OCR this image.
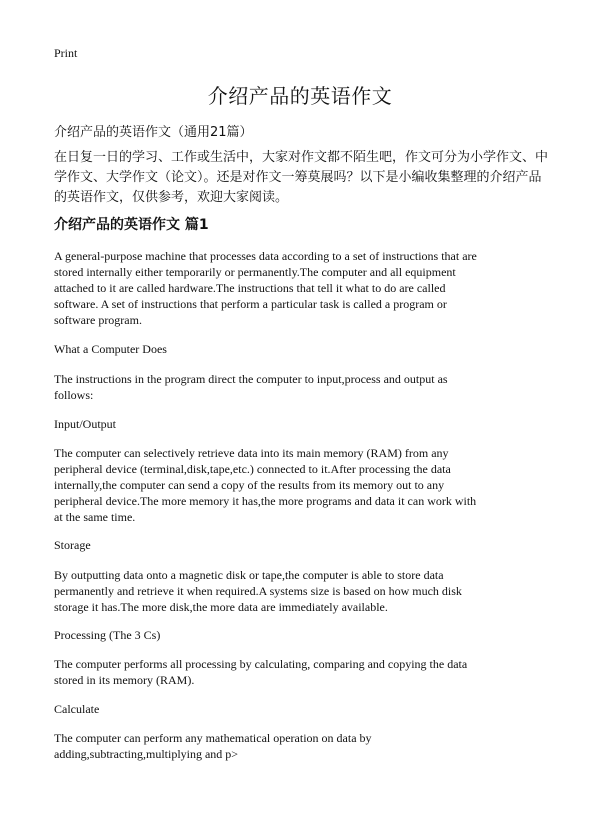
Print
介绍产品的英语作文
介绍产品的英语作文（通用21篇）
在日复一日的学习、工作或生活中，大家对作文都不陌生吧，作文可分为小学作文、中学作文、大学作文（论文）。还是对作文一筹莫展吗？以下是小编收集整理的介绍产品的英语作文，仅供参考，欢迎大家阅读。
介绍产品的英语作文 篇1
A general-purpose machine that processes data according to a set of instructions that are
stored internally either temporarily or permanently.The computer and all equipment
attached to it are called hardware.The instructions that tell it what to do are called
software. A set of instructions that perform a particular task is called a program or
software program.
What a Computer Does
The instructions in the program direct the computer to input,process and output as
follows:
Input/Output
The computer can selectively retrieve data into its main memory (RAM) from any
peripheral device (terminal,disk,tape,etc.) connected to it.After processing the data
internally,the computer can send a copy of the results from its memory out to any
peripheral device.The more memory it has,the more programs and data it can work with
at the same time.
Storage
By outputting data onto a magnetic disk or tape,the computer is able to store data
permanently and retrieve it when required.A systems size is based on how much disk
storage it has.The more disk,the more data are immediately available.
Processing (The 3 Cs)
The computer performs all processing by calculating, comparing and copying the data
stored in its memory (RAM).
Calculate
The computer can perform any mathematical operation on data by
adding,subtracting,multiplying and p>
